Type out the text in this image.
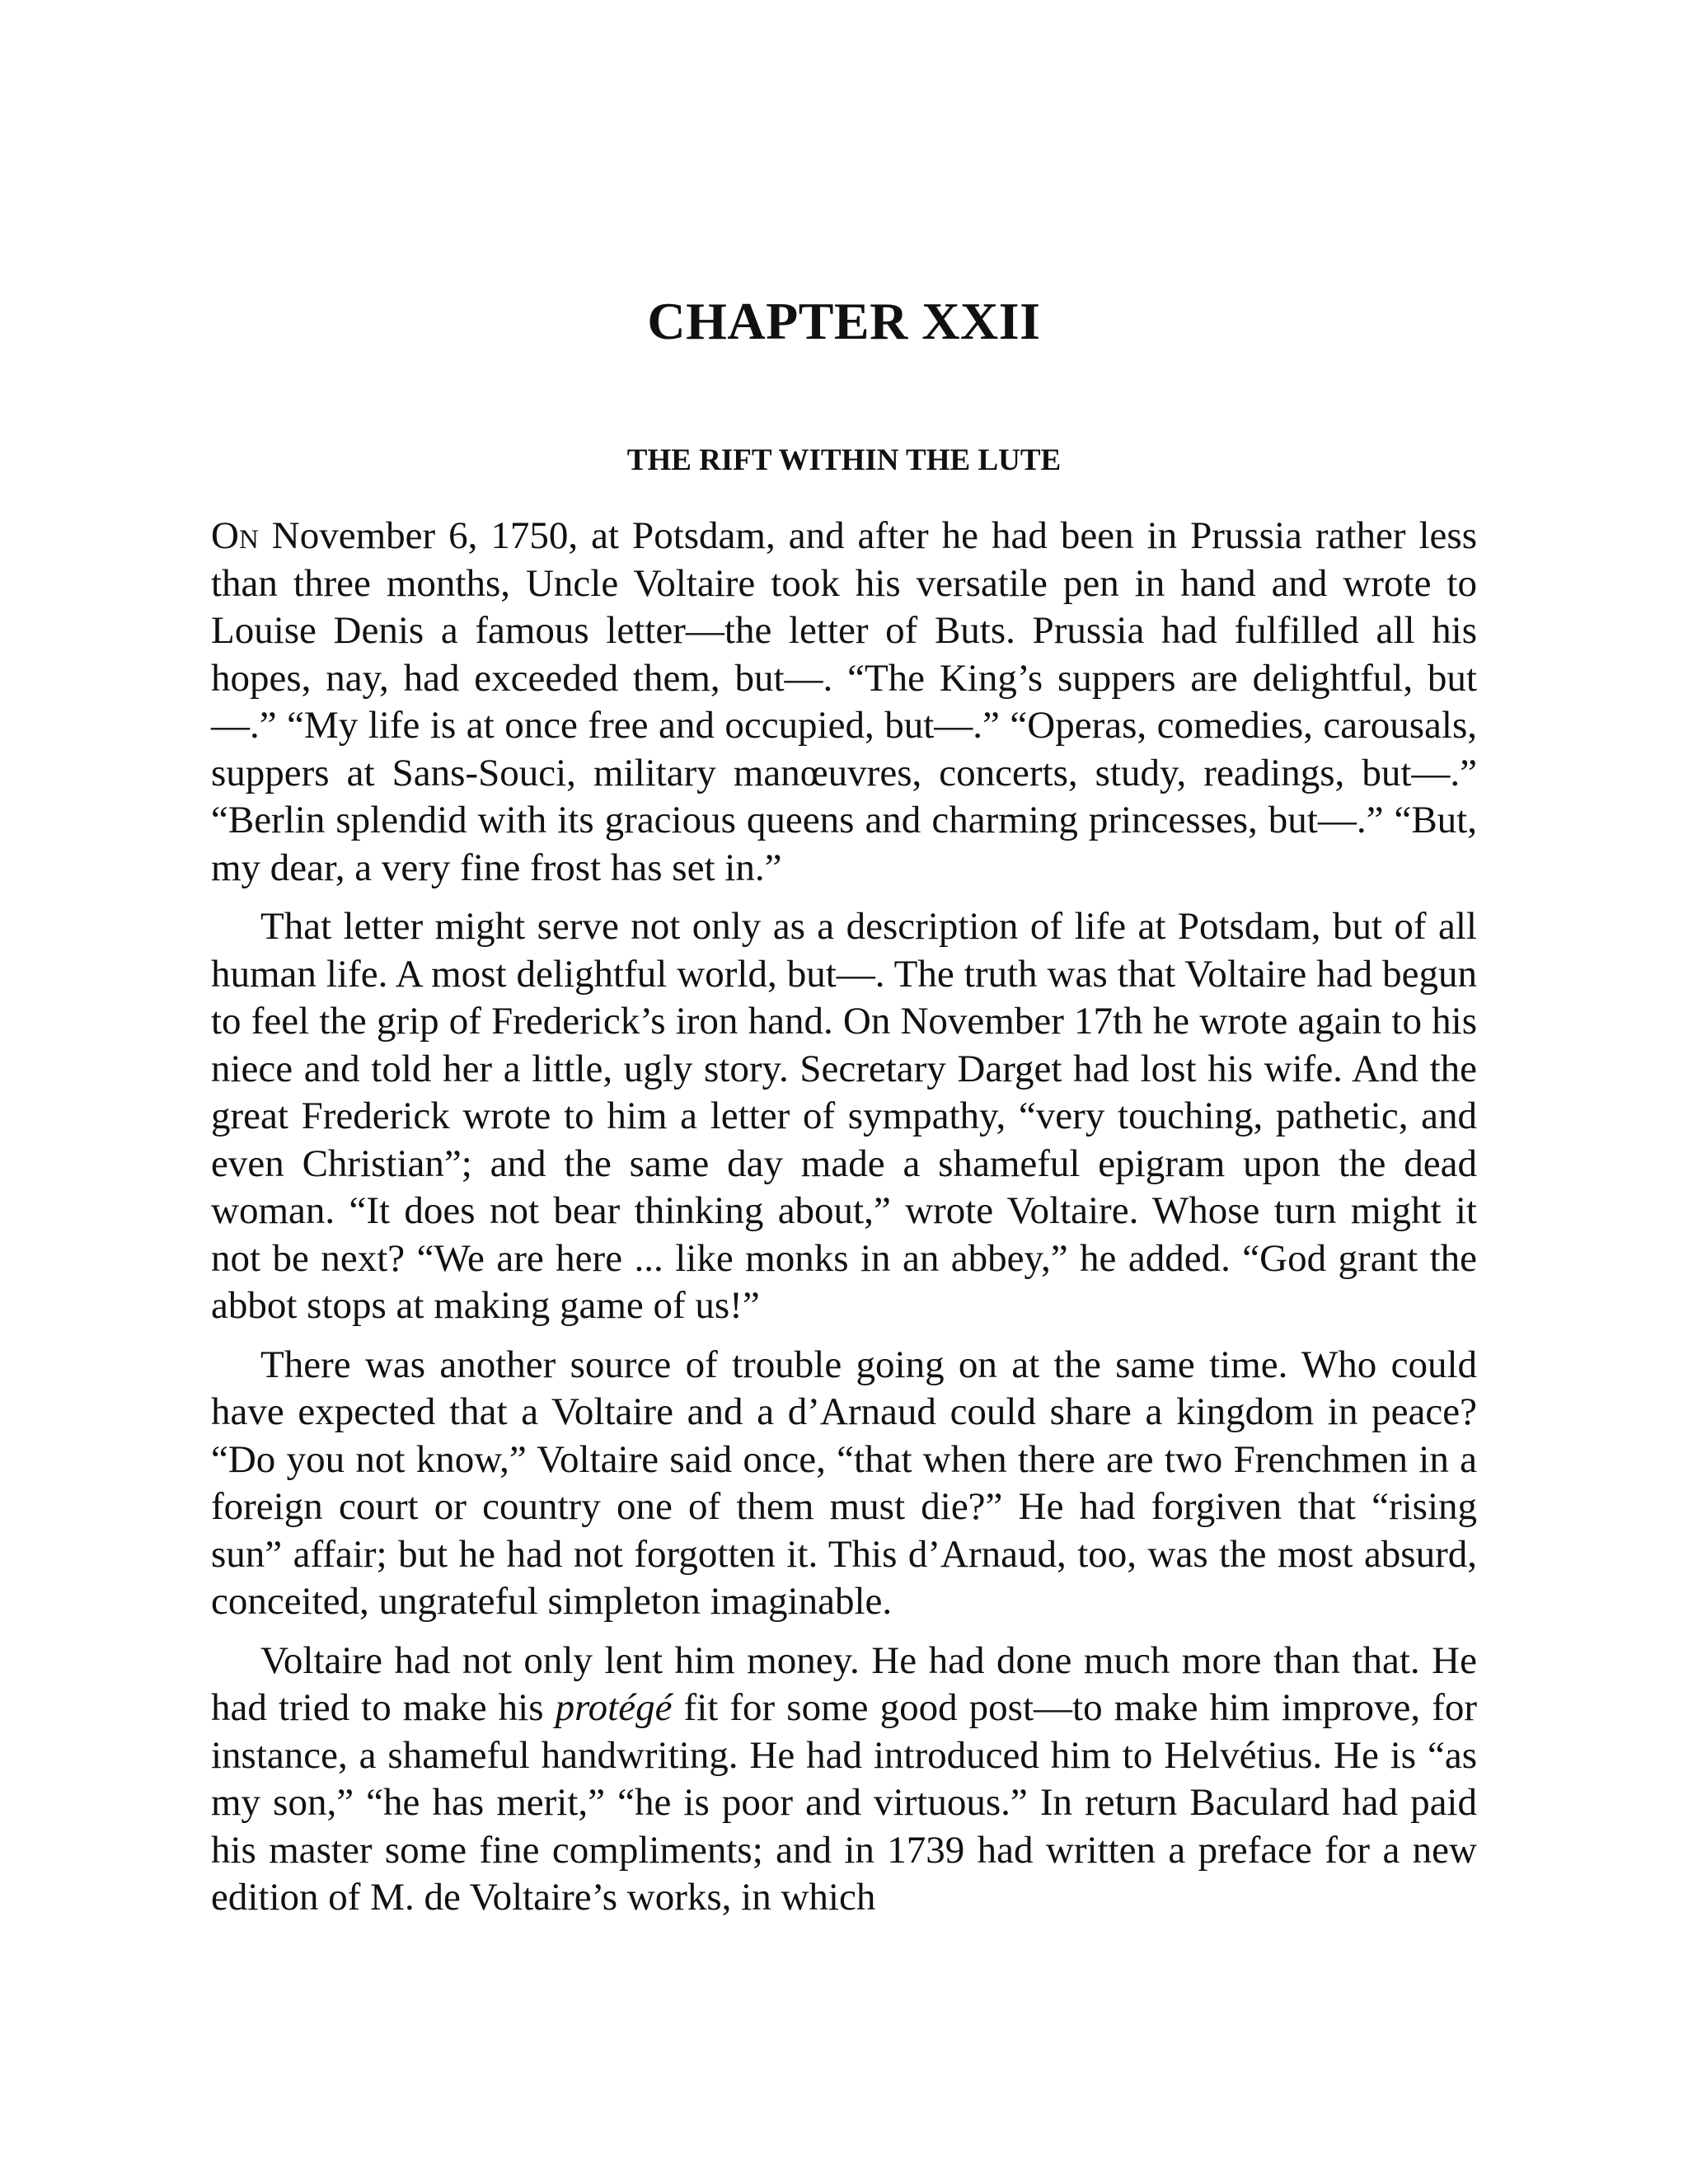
CHAPTER XXII
THE RIFT WITHIN THE LUTE

On November 6, 1750, at Potsdam, and after he had been in Prussia rather less than three months, Uncle Voltaire took his versatile pen in hand and wrote to Louise Denis a famous letter—the letter of Buts. Prussia had fulfilled all his hopes, nay, had exceeded them, but—. “The King’s suppers are delightful, but—.” “My life is at once free and occupied, but—.” “Operas, comedies, carousals, suppers at Sans-Souci, military manœuvres, concerts, study, readings, but—.” “Berlin splendid with its gracious queens and charming princesses, but—.” “But, my dear, a very fine frost has set in.”

That letter might serve not only as a description of life at Potsdam, but of all human life. A most delightful world, but—. The truth was that Voltaire had begun to feel the grip of Frederick’s iron hand. On November 17th he wrote again to his niece and told her a little, ugly story. Secretary Darget had lost his wife. And the great Frederick wrote to him a letter of sympathy, “very touching, pathetic, and even Christian”; and the same day made a shameful epigram upon the dead woman. “It does not bear thinking about,” wrote Voltaire. Whose turn might it not be next? “We are here ... like monks in an abbey,” he added. “God grant the abbot stops at making game of us!”

There was another source of trouble going on at the same time. Who could have expected that a Voltaire and a d’Arnaud could share a kingdom in peace? “Do you not know,” Voltaire said once, “that when there are two Frenchmen in a foreign court or country one of them must die?” He had forgiven that “rising sun” affair; but he had not forgotten it. This d’Arnaud, too, was the most absurd, conceited, ungrateful simpleton imaginable.

Voltaire had not only lent him money. He had done much more than that. He had tried to make his protégé fit for some good post—to make him improve, for instance, a shameful handwriting. He had introduced him to Helvétius. He is “as my son,” “he has merit,” “he is poor and virtuous.” In return Baculard had paid his master some fine compliments; and in 1739 had written a preface for a new edition of M. de Voltaire’s works, in which
